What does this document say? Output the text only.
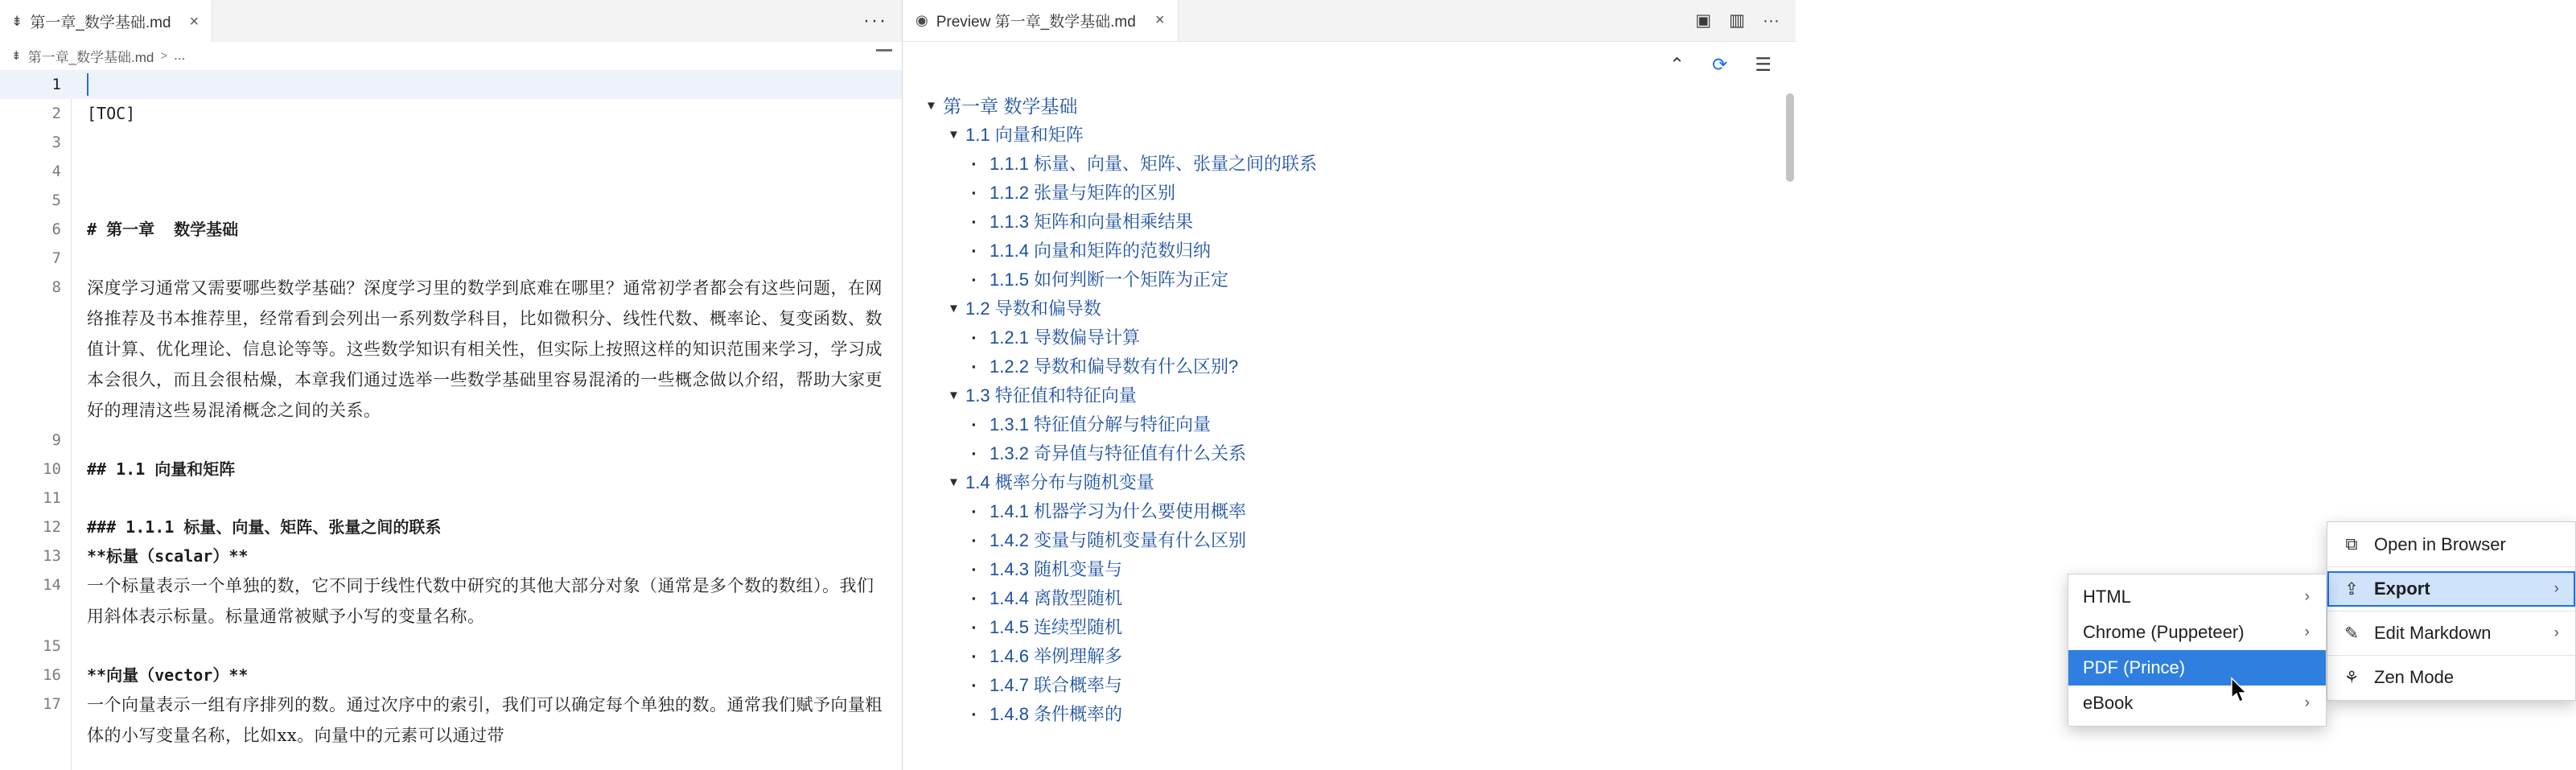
⇟ 第一章_数学基础.md	×	···
⇟ 第一章_数学基础.md > ...
1

2	[TOC]
3

4

5

6	# 第一章  数学基础
7

8	深度学习通常又需要哪些数学基础？深度学习里的数学到底难在哪里？通常初学者都会有这些问题，在网络推荐及书本推荐里，经常看到会列出一系列数学科目，比如微积分、线性代数、概率论、复变函数、数值计算、优化理论、信息论等等。这些数学知识有相关性，但实际上按照这样的知识范围来学习，学习成本会很久，而且会很枯燥，本章我们通过选举一些数学基础里容易混淆的一些概念做以介绍，帮助大家更好的理清这些易混淆概念之间的关系。
9

10	## 1.1 向量和矩阵
11

12	### 1.1.1 标量、向量、矩阵、张量之间的联系
13	**标量（scalar）**
14	一个标量表示一个单独的数，它不同于线性代数中研究的其他大部分对象（通常是多个数的数组）。我们用斜体表示标量。标量通常被赋予小写的变量名称。
15

16	**向量（vector）**
17	一个向量表示一组有序排列的数。通过次序中的索引，我们可以确定每个单独的数。通常我们赋予向量粗体的小写变量名称，比如xx。向量中的元素可以通过带
◉ Preview 第一章_数学基础.md ×	▣ ▥ ···
⌃ ⟳ ☰
▼ 第一章 数学基础
▼ 1.1 向量和矩阵
▪ 1.1.1 标量、向量、矩阵、张量之间的联系
▪ 1.1.2 张量与矩阵的区别
▪ 1.1.3 矩阵和向量相乘结果
▪ 1.1.4 向量和矩阵的范数归纳
▪ 1.1.5 如何判断一个矩阵为正定
▼ 1.2 导数和偏导数
▪ 1.2.1 导数偏导计算
▪ 1.2.2 导数和偏导数有什么区别?
▼ 1.3 特征值和特征向量
▪ 1.3.1 特征值分解与特征向量
▪ 1.3.2 奇异值与特征值有什么关系
▼ 1.4 概率分布与随机变量
▪ 1.4.1 机器学习为什么要使用概率
▪ 1.4.2 变量与随机变量有什么区别
▪ 1.4.3 随机变量与
▪ 1.4.4 离散型随机
▪ 1.4.5 连续型随机
▪ 1.4.6 举例理解多
▪ 1.4.7 联合概率与
▪ 1.4.8 条件概率的
⧉ Open in Browser
⇪ Export	›
✎ Edit Markdown	›
⚘ Zen Mode
HTML	›
Chrome (Puppeteer)	›
PDF (Prince)
eBook	›
